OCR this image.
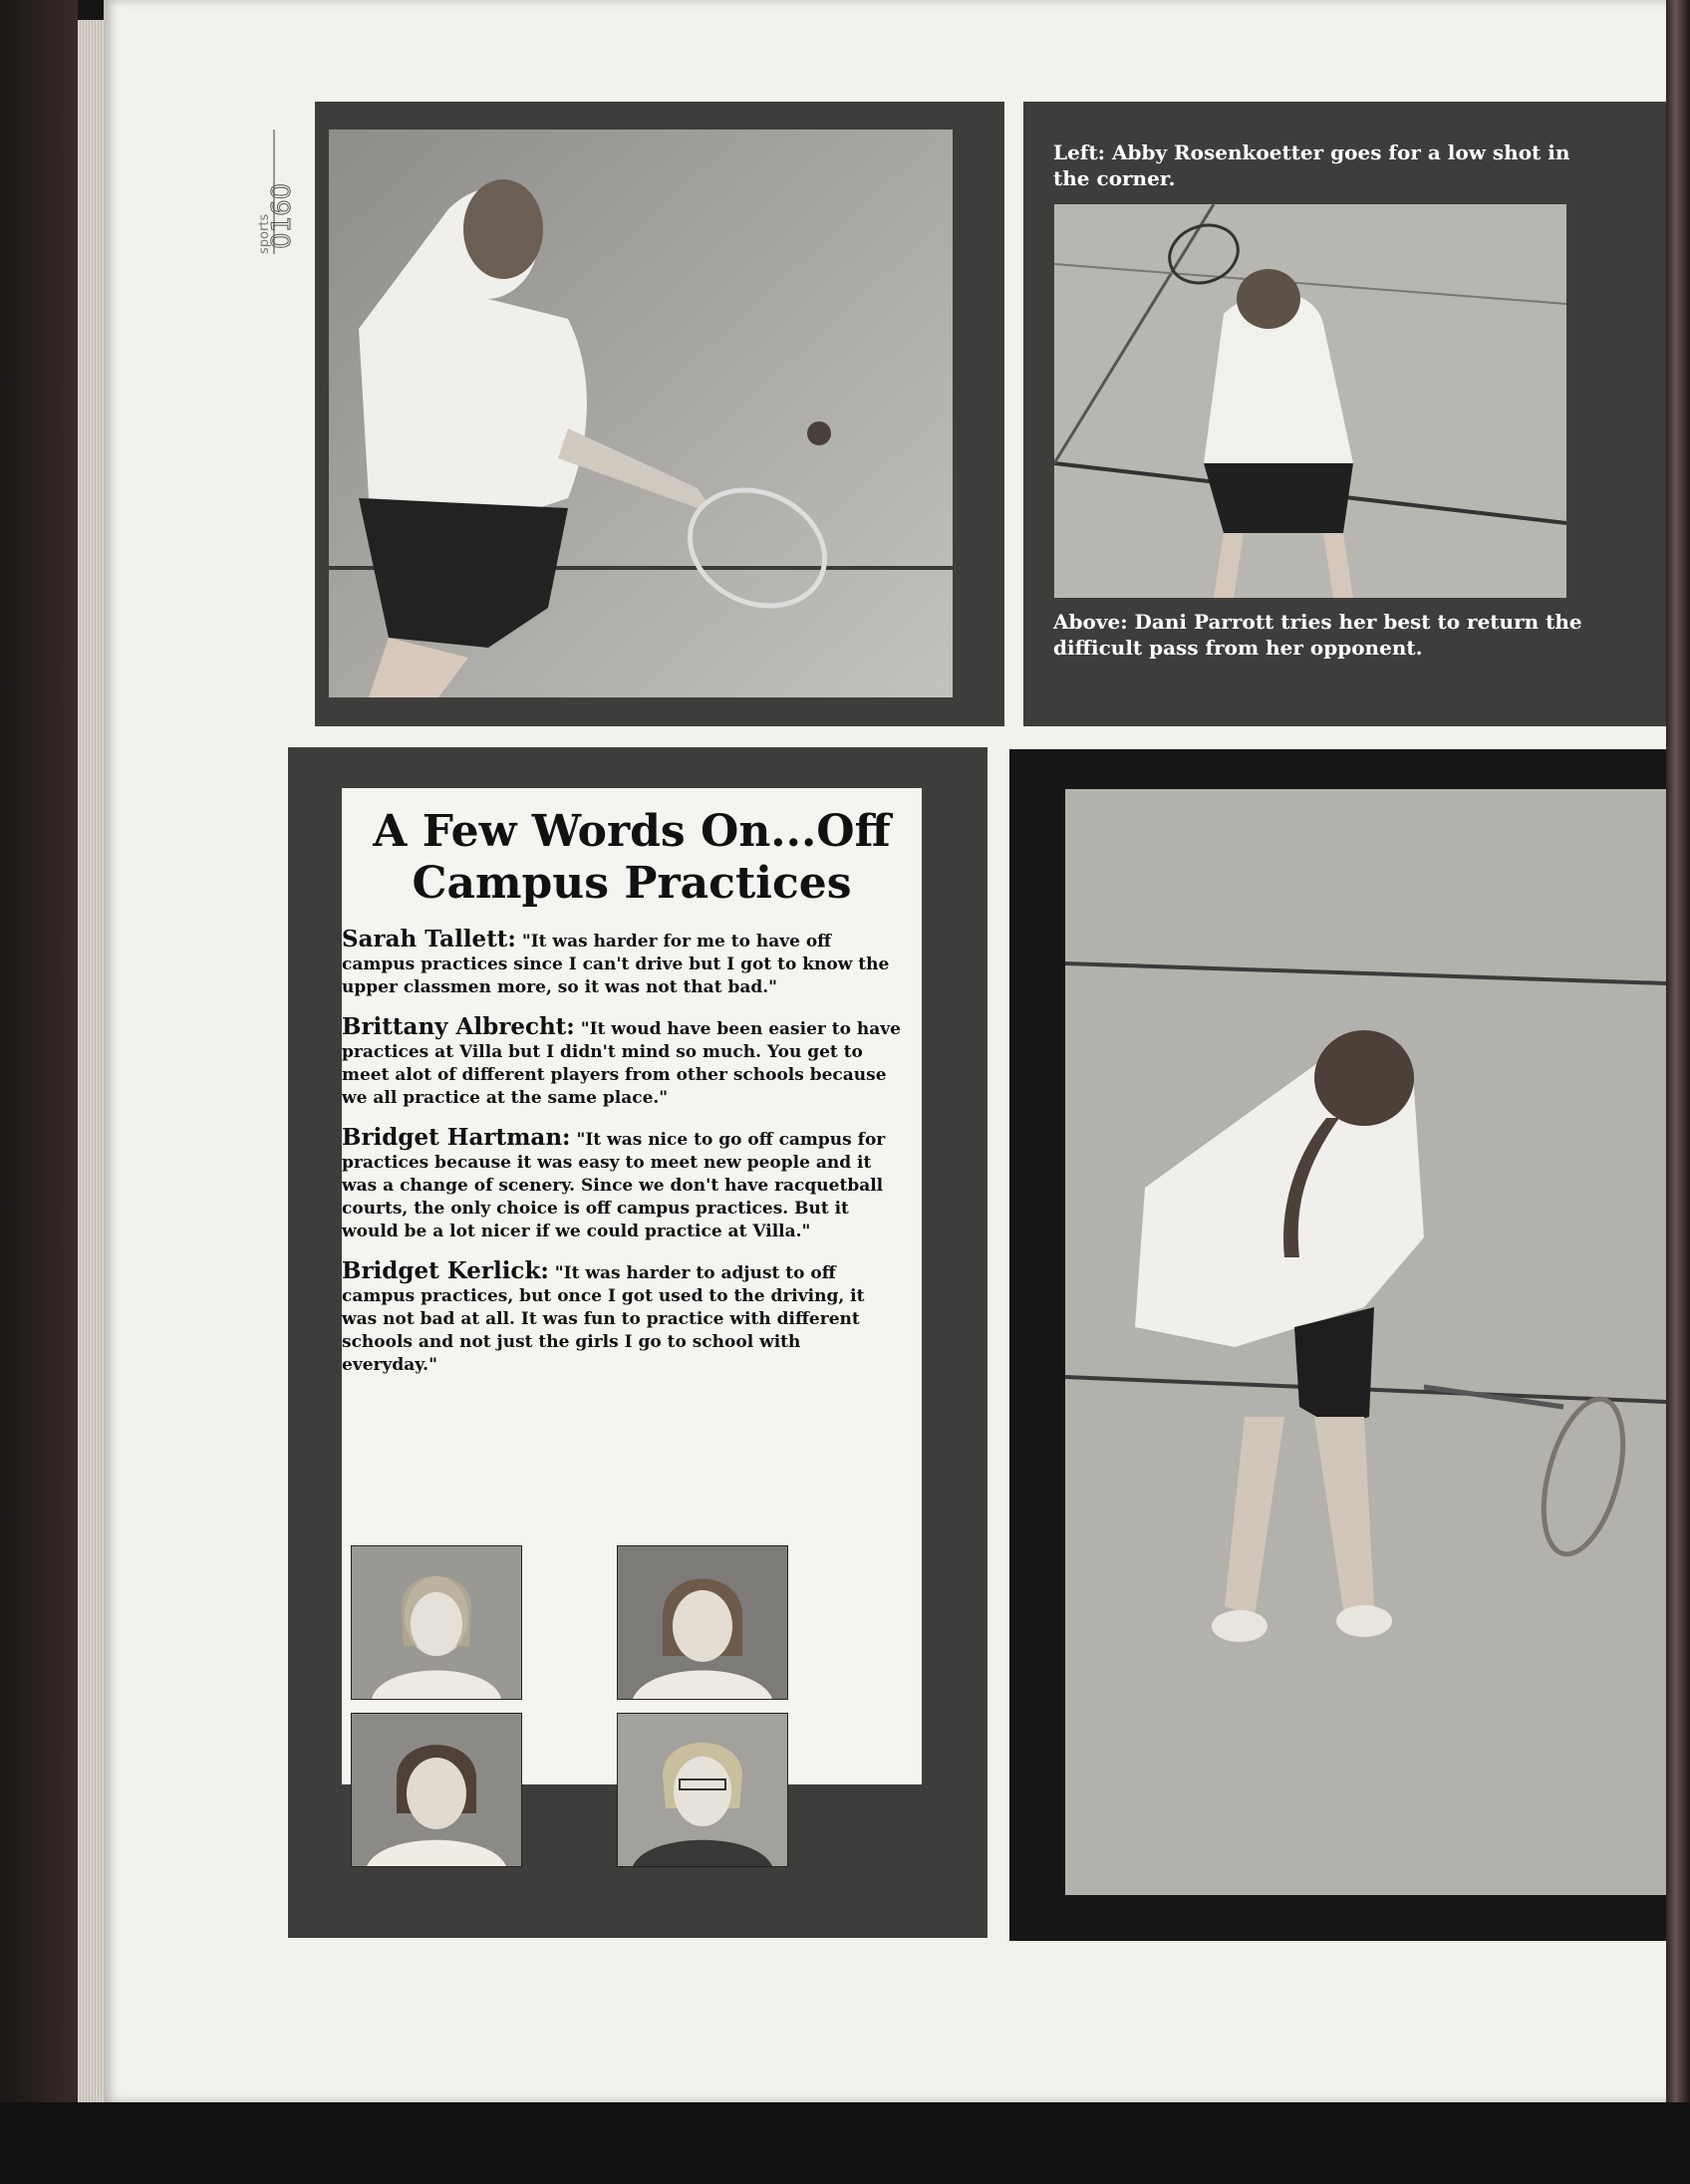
sports
0160
Left: Abby Rosenkoetter goes for a low shot in the corner.
Above: Dani Parrott tries her best to return the difficult pass from her opponent.
A Few Words On...Off
Campus Practices

Sarah Tallett: "It was harder for me to have off campus practices since I can't drive but I got to know the upper classmen more, so it was not that bad."

Brittany Albrecht: "It woud have been easier to have practices at Villa but I didn't mind so much. You get to meet alot of different players from other schools because we all practice at the same place."

Bridget Hartman: "It was nice to go off campus for practices because it was easy to meet new people and it was a change of scenery. Since we don't have racquetball courts, the only choice is off campus practices. But it would be a lot nicer if we could practice at Villa."

Bridget Kerlick: "It was harder to adjust to off campus practices, but once I got used to the driving, it was not bad at all. It was fun to practice with different schools and not just the girls I go to school with everyday."
